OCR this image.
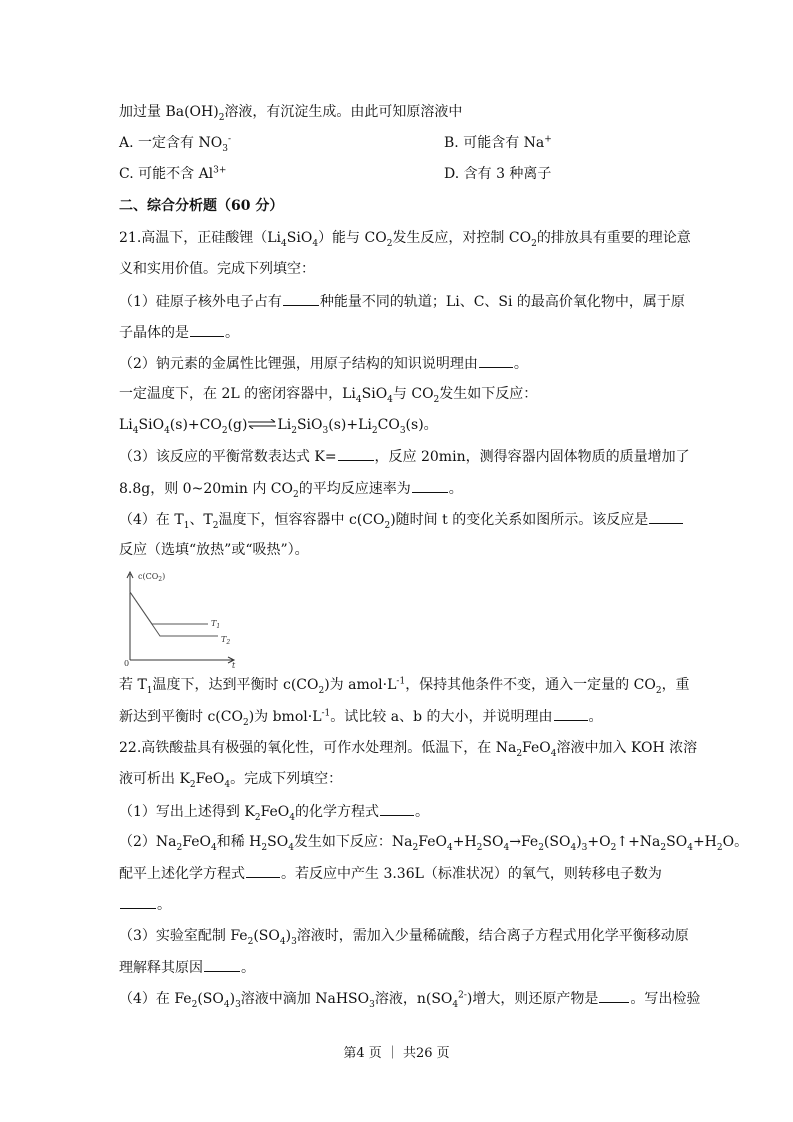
加过量 $Ba(OH)_2$溶液，有沉淀生成。由此可知原溶液中
A. 一定含有 $NO_3^-$	B. 可能含有 Na+
C. 可能不含 $Al^{3+}$	D. 含有 3 种离子
二、综合分析题（60 分）
21.高温下，正硅酸锂$(Li_4SiO_4)$能与 $CO_2$发生反应，对控制 $CO_2$的排放具有重要的理论意
义和实用价值。完成下列填空：
（1）硅原子核外电子占有	种能量不同的轨道；Li、C、Si 的最高价氧化物中，属于原
子晶体的是	。
（2）钠元素的金属性比锂强，用原子结构的知识说明理由	。
一定温度下，在 2L 的密闭容器中，$Li_4SiO_4$与 $CO_2$发生如下反应：
$Li_4SiO_4(s)+CO_2(g)\rightleftharpoons Li_2SiO_3(s)+Li_2CO_3(s)$。
（3）该反应的平衡常数表达式 K=	，反应 20min，测得容器内固体物质的质量增加了
8.8g，则 0~20min 内 $CO_2$的平均反应速率为	。
（4）在 $T_1$、$T_2$温度下，恒容容器中 $c(CO_2)$随时间 t 的变化关系如图所示。该反应是
反应（选填“放热”或“吸热”）。
$c(CO_2)$
$T_1$
$T_2$
0	t
若 $T_1$温度下，达到平衡时 $c(CO_2)$为 $amol\cdot L^{-1}$，保持其他条件不变，通入一定量的 $CO_2$，重
新达到平衡时 $c(CO_2)$为 $bmol\cdot L^{-1}$。试比较 a、b 的大小，并说明理由	。
22.高铁酸盐具有极强的氧化性，可作水处理剂。低温下，在 $Na_2FeO_4$溶液中加入 KOH 浓溶
液可析出 $K_2FeO_4$。完成下列填空：
（1）写出上述得到 $K_2FeO_4$的化学方程式	。
$(2)Na_2FeO_4$和稀 $H_2SO_4$发生如下反应：$Na_2FeO_4+H_2SO_4\to Fe_2(SO_4)_3+O_2↑+Na_2SO_4+H_2O$。
配平上述化学方程式	。若反应中产生 3.36L（标准状况）的氧气，则转移电子数为
。
（3）实验室配制 $Fe_2(SO_4)_3$溶液时，需加入少量稀硫酸，结合离子方程式用化学平衡移动原
理解释其原因	。
（4）在 $Fe_2(SO_4)_3$溶液中滴加 NaHSO$_3$溶液，$n(SO_4^{2-})$增大，则还原产物是 。写出检验
第4 页 ｜ 共26 页
